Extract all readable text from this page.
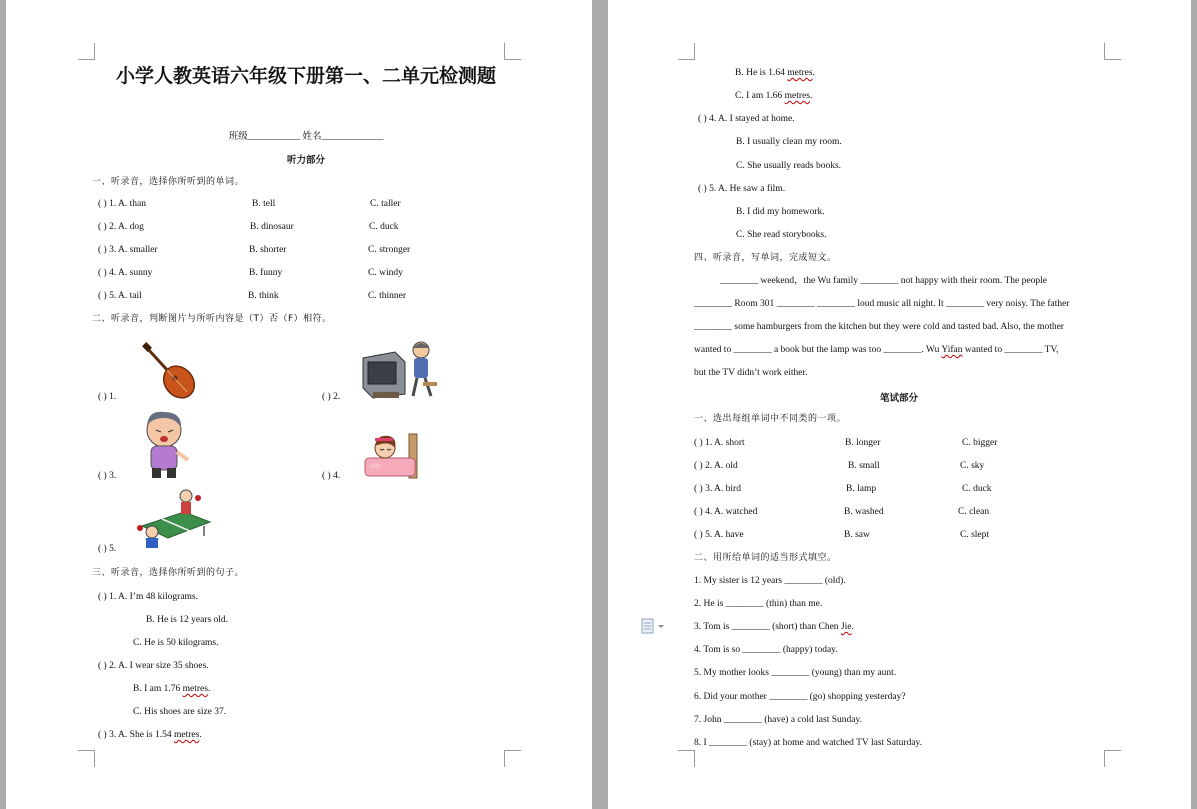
小学人教英语六年级下册第一、二单元检测题
班级___________ 姓名_____________
听力部分
一、听录音，选择你所听到的单词。
( ) 1. A. than	B. tell	C. taller
( ) 2. A. dog	B. dinosaur	C. duck
( ) 3. A. smaller	B. shorter	C. stronger
( ) 4. A. sunny	B. funny	C. windy
( ) 5. A. tail	B. think	C. thinner
二、听录音，判断图片与所听内容是（T）否（F）相符。
( ) 1.	( ) 2.
( ) 3.	( ) 4.
( ) 5.
三、听录音，选择你所听到的句子。
( ) 1. A. I’m 48 kilograms.
B. He is 12 years old.
C. He is 50 kilograms.
( ) 2. A. I wear size 35 shoes.
B. I am 1.76 metres.
C. His shoes are size 37.
( ) 3. A. She is 1.54 metres.
B. He is 1.64 metres.
C. I am 1.66 metres.
( ) 4. A. I stayed at home.
B. I usually clean my room.
C. She usually reads books.
( ) 5. A. He saw a film.
B. I did my homework.
C. She read storybooks.
四、听录音，写单词，完成短文。
________ weekend，the Wu family ________ not happy with their room. The people
________ Room 301 ________ ________ loud music all night. It ________ very noisy. The father
________ some hamburgers from the kitchen but they were cold and tasted bad. Also, the mother
wanted to ________ a book but the lamp was too ________. Wu Yifan wanted to ________ TV,
but the TV didn’t work either.
笔试部分
一、选出每组单词中不同类的一项。
( ) 1. A. short	B. longer	C. bigger
( ) 2. A. old	B. small	C. sky
( ) 3. A. bird	B. lamp	C. duck
( ) 4. A. watched	B. washed	C. clean
( ) 5. A. have	B. saw	C. slept
二、用所给单词的适当形式填空。
1. My sister is 12 years ________ (old).
2. He is ________ (thin) than me.
3. Tom is ________ (short) than Chen Jie.
4. Tom is so ________ (happy) today.
5. My mother looks ________ (young) than my aunt.
6. Did your mother ________ (go) shopping yesterday?
7. John ________ (have) a cold last Sunday.
8. I ________ (stay) at home and watched TV last Saturday.
